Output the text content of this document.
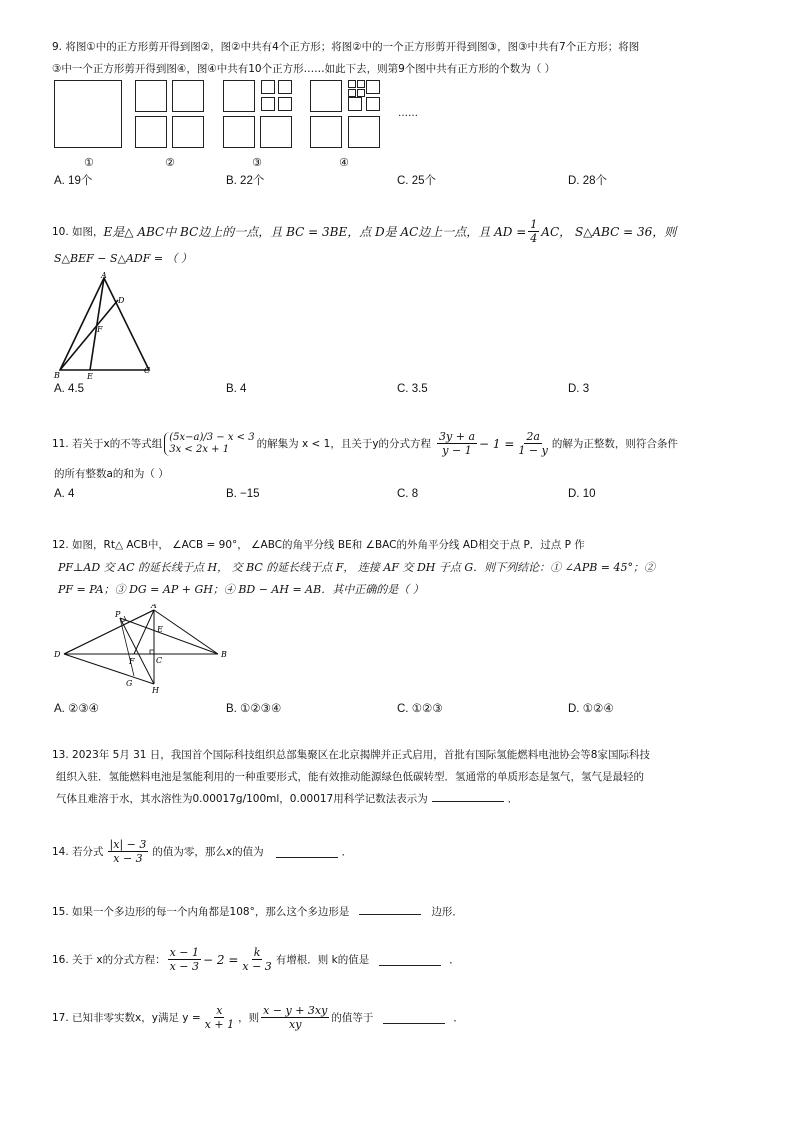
9. 将图①中的正方形剪开得到图②，图②中共有4个正方形；将图②中的一个正方形剪开得到图③，图③中共有7个正方形；将图
③中一个正方形剪开得到图④，图④中共有10个正方形……如此下去，则第9个图中共有正方形的个数为（ ）
……
①	②	③	④
A. 19个	B. 22个	C. 25个	D. 28个
10. 如图， E是△ ABC中 BC边上的一点，且 BC = 3BE，点 D是 AC边上一点，且 AD = $\frac{1}{4}$ AC， S△ABC = 36，则
S△BEF − S△ADF = （ ）
A
D
F
B	E
C
A. 4.5	B. 4	C. 3.5	D. 3
11. 若关于x的不等式组
(5x−a)/3 − x < 3
3x < 2x + 1	的解集为 x < 1，且关于y的分式方程 $\frac{3y + a}{y - 1} - 1 = \frac{2a}{1 - y}$ 的解为正整数，则符合条件
的所有整数a的和为（ ）
A. 4	B. −15	C. 8	D. 10
12. 如图，Rt△ ACB中， ∠ACB = 90°， ∠ABC的角平分线 BE和 ∠BAC的外角平分线 AD相交于点 P．过点 P 作
PF⊥AD 交 AC 的延长线于点 H， 交 BC 的延长线于点 F， 连接 AF 交 DH 于点 G．则下列结论：① ∠APB = 45°；②
PF = PA；③ DG = AP + GH；④ BD − AH = AB．其中正确的是（ ）
A
P
E
D
F	C
B
G
H
A. ②③④	B. ①②③④	C. ①②③	D. ①②④
13. 2023年 5月 31 日，我国首个国际科技组织总部集聚区在北京揭牌并正式启用，首批有国际氢能燃料电池协会等8家国际科技
组织入驻．氢能燃料电池是氢能利用的一种重要形式，能有效推动能源绿色低碳转型．氢通常的单质形态是氢气，氢气是最轻的
气体且难溶于水，其水溶性为0.00017g/100ml，0.00017用科学记数法表示为	．
14. 若分式 $\frac{|x| - 3}{x - 3}$ 的值为零，那么x的值为	．
15. 如果一个多边形的每一个内角都是108°，那么这个多边形是	边形．
16. 关于 x的分式方程： $\frac{x - 1}{x - 3} - 2 = \frac{k}{x - 3}$ 有增根．则 k的值是	．
17. 已知非零实数x，y满足 $y = \frac{x}{x + 1}$ ，则 $\frac{x - y + 3xy}{xy}$ 的值等于	．
